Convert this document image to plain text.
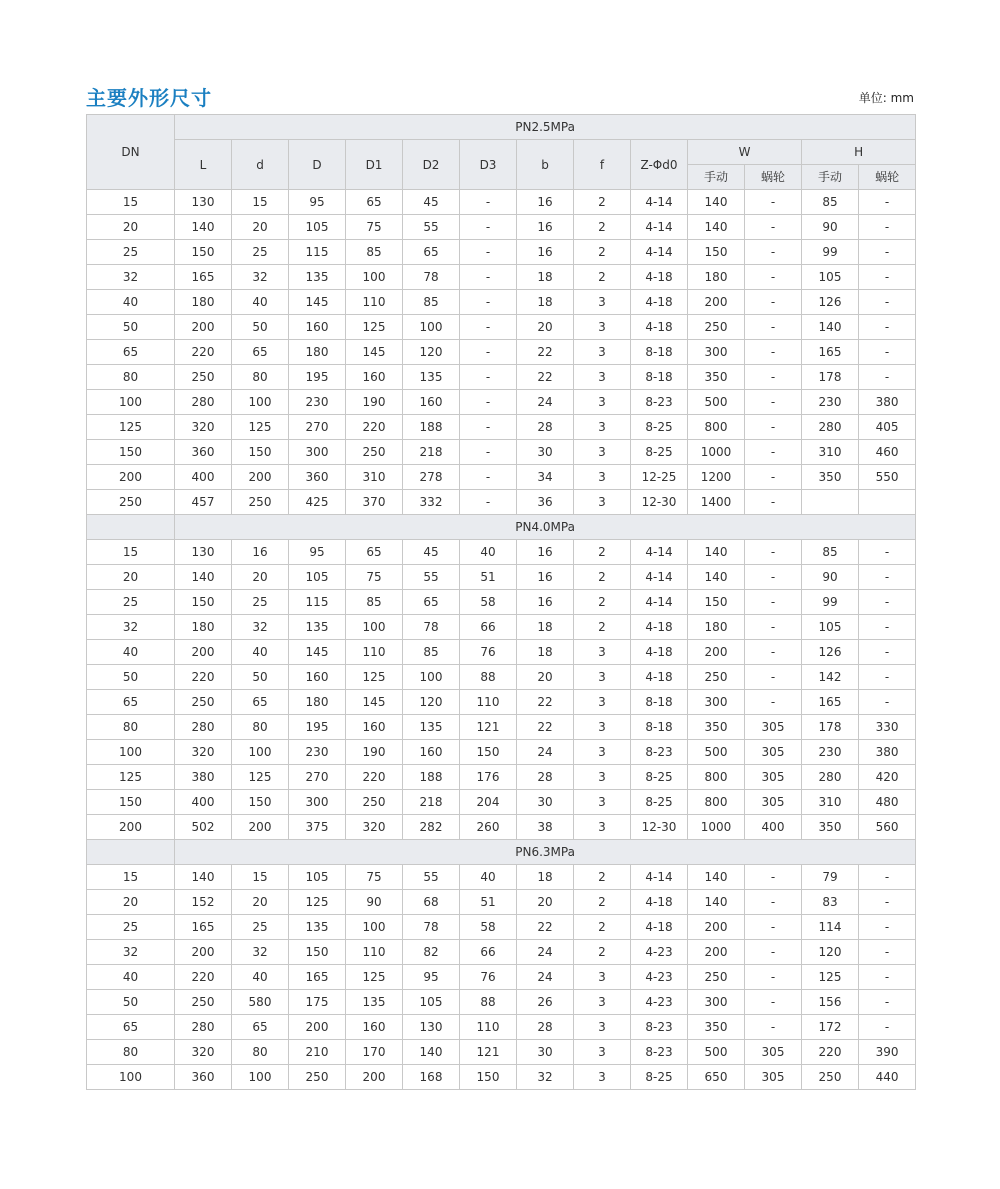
主要外形尺寸	单位: mm
DN	PN2.5MPa												
	L	d	D	D1	D2	D3	b	f	Z-Φd0	W		H	
										手动	蜗轮	手动	蜗轮
15	130	15	95	65	45	-	16	2	4-14	140	-	85	-
20	140	20	105	75	55	-	16	2	4-14	140	-	90	-
25	150	25	115	85	65	-	16	2	4-14	150	-	99	-
32	165	32	135	100	78	-	18	2	4-18	180	-	105	-
40	180	40	145	110	85	-	18	3	4-18	200	-	126	-
50	200	50	160	125	100	-	20	3	4-18	250	-	140	-
65	220	65	180	145	120	-	22	3	8-18	300	-	165	-
80	250	80	195	160	135	-	22	3	8-18	350	-	178	-
100	280	100	230	190	160	-	24	3	8-23	500	-	230	380
125	320	125	270	220	188	-	28	3	8-25	800	-	280	405
150	360	150	300	250	218	-	30	3	8-25	1000	-	310	460
200	400	200	360	310	278	-	34	3	12-25	1200	-	350	550
250	457	250	425	370	332	-	36	3	12-30	1400	-		
	PN4.0MPa												
15	130	16	95	65	45	40	16	2	4-14	140	-	85	-
20	140	20	105	75	55	51	16	2	4-14	140	-	90	-
25	150	25	115	85	65	58	16	2	4-14	150	-	99	-
32	180	32	135	100	78	66	18	2	4-18	180	-	105	-
40	200	40	145	110	85	76	18	3	4-18	200	-	126	-
50	220	50	160	125	100	88	20	3	4-18	250	-	142	-
65	250	65	180	145	120	110	22	3	8-18	300	-	165	-
80	280	80	195	160	135	121	22	3	8-18	350	305	178	330
100	320	100	230	190	160	150	24	3	8-23	500	305	230	380
125	380	125	270	220	188	176	28	3	8-25	800	305	280	420
150	400	150	300	250	218	204	30	3	8-25	800	305	310	480
200	502	200	375	320	282	260	38	3	12-30	1000	400	350	560
	PN6.3MPa												
15	140	15	105	75	55	40	18	2	4-14	140	-	79	-
20	152	20	125	90	68	51	20	2	4-18	140	-	83	-
25	165	25	135	100	78	58	22	2	4-18	200	-	114	-
32	200	32	150	110	82	66	24	2	4-23	200	-	120	-
40	220	40	165	125	95	76	24	3	4-23	250	-	125	-
50	250	580	175	135	105	88	26	3	4-23	300	-	156	-
65	280	65	200	160	130	110	28	3	8-23	350	-	172	-
80	320	80	210	170	140	121	30	3	8-23	500	305	220	390
100	360	100	250	200	168	150	32	3	8-25	650	305	250	440
